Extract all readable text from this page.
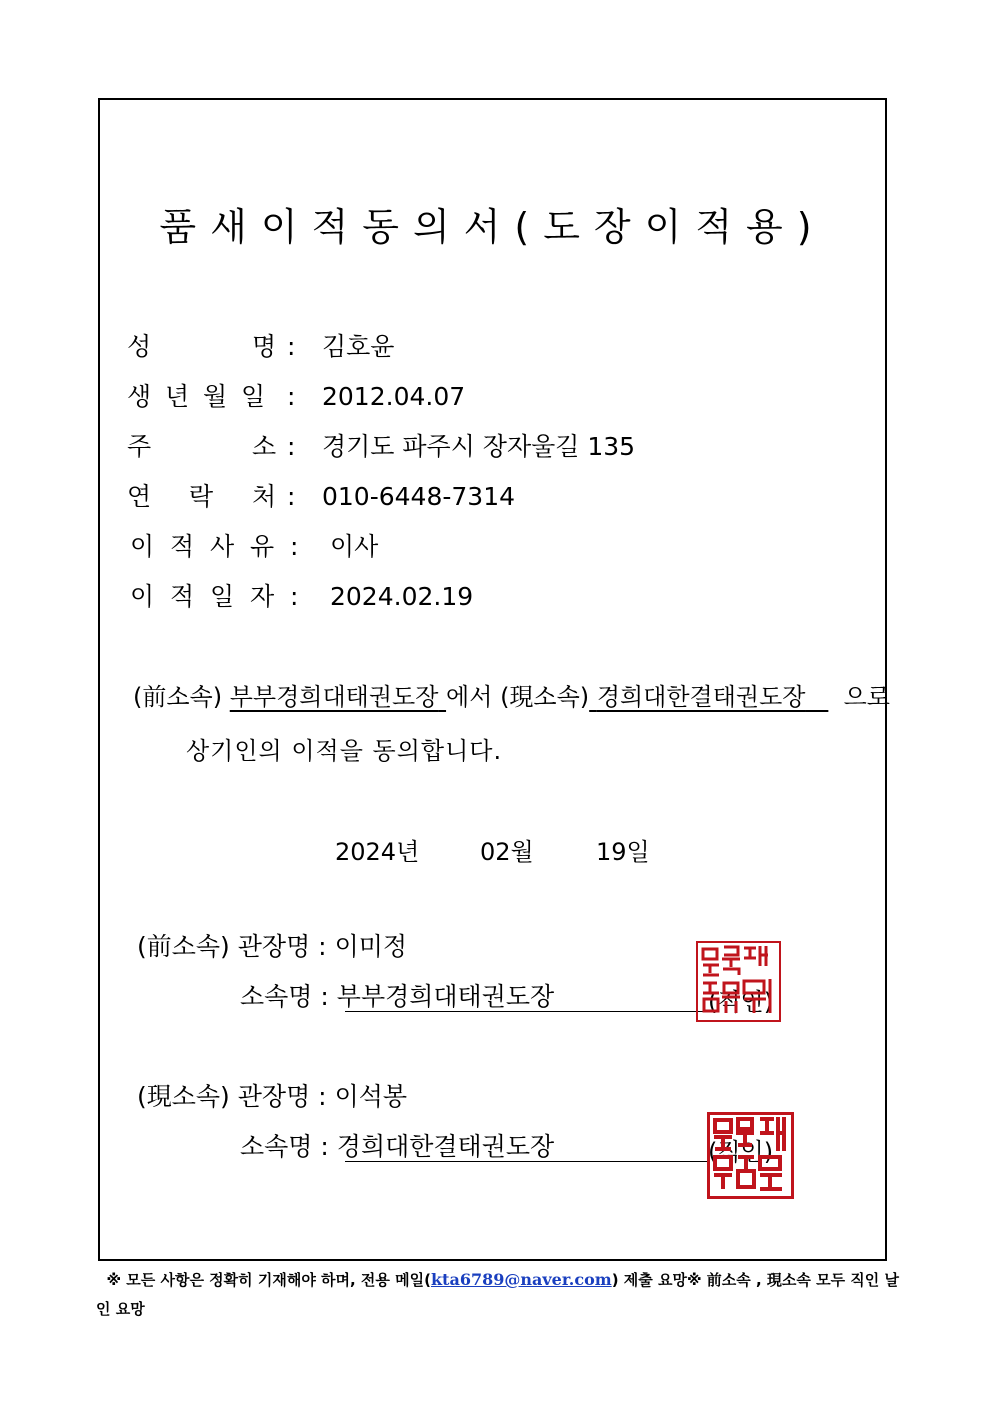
품새이적동의서(도장이적용)
성	명 : 김호윤
생 년 월 일 : 2012.04.07
주	소 : 경기도 파주시 장자울길 135
연 락 처 : 010-6448-7314
이 적 사 유 : 이사
이 적 일 자 : 2024.02.19
(前소속) 부부경희대태권도장 에서 (現소속) 경희대한결태권도장 으로
상기인의 이적을 동의합니다.
2024년	02월	19일
(前소속) 관장명 : 이미정
소속명 : 부부경희대태권도장	(직인)
(現소속) 관장명 : 이석봉
소속명 : 경희대한결태권도장	(직인)
※ 모든 사항은 정확히 기재해야 하며, 전용 메일(kta6789@naver.com) 제출 요망※ 前소속 , 現소속 모두 직인 날인 요망
